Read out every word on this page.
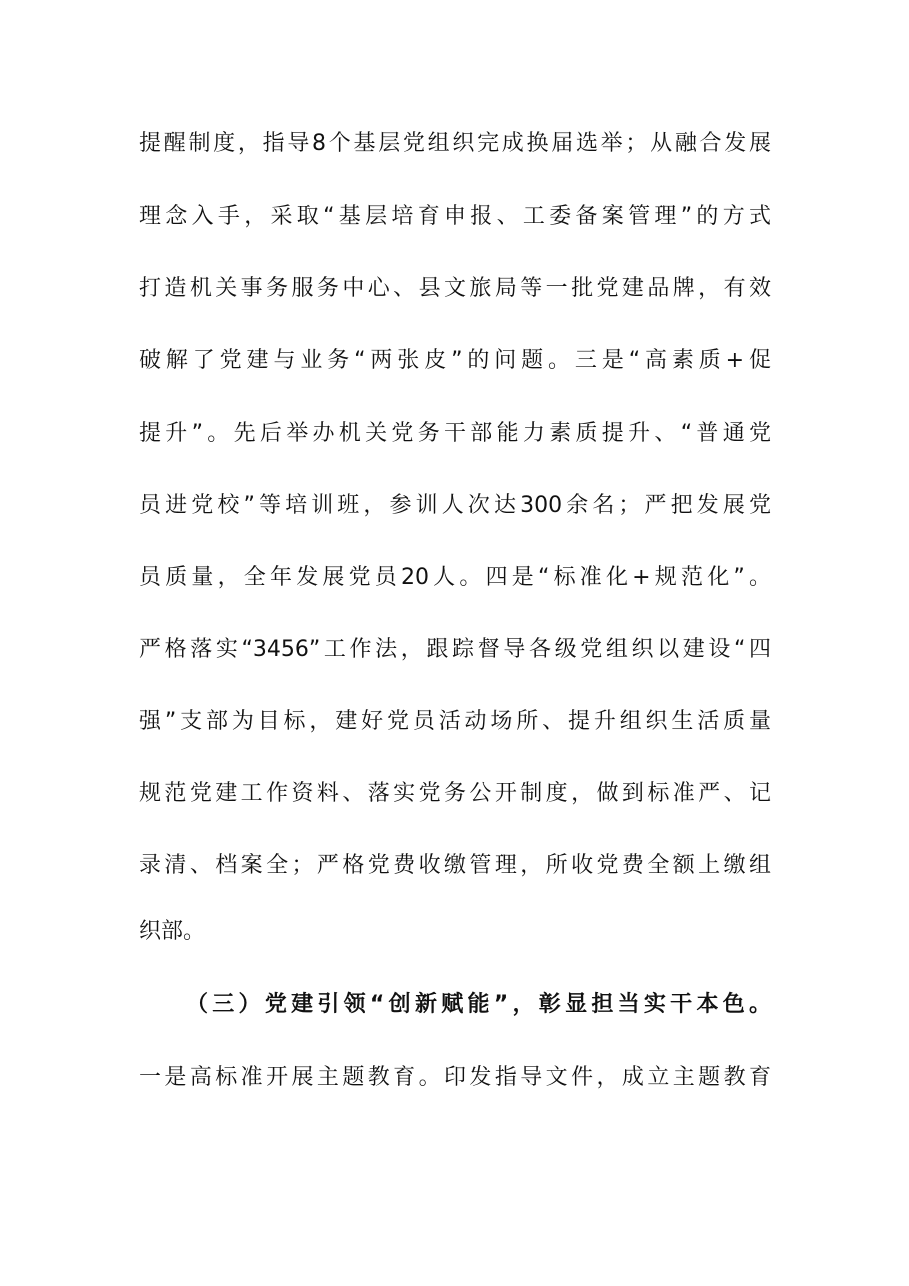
提醒制度，指导8个基层党组织完成换届选举；从融合发展
理念入手，采取“基层培育申报、工委备案管理”的方式
打造机关事务服务中心、县文旅局等一批党建品牌，有效
破解了党建与业务“两张皮”的问题。三是“高素质+促
提升”。先后举办机关党务干部能力素质提升、“普通党
员进党校”等培训班，参训人次达300余名；严把发展党
员质量，全年发展党员20人。四是“标准化+规范化”。
严格落实“3456”工作法，跟踪督导各级党组织以建设“四
强”支部为目标，建好党员活动场所、提升组织生活质量
规范党建工作资料、落实党务公开制度，做到标准严、记
录清、档案全；严格党费收缴管理，所收党费全额上缴组
织部。
（三）党建引领“创新赋能”，彰显担当实干本色。
一是高标准开展主题教育。印发指导文件，成立主题教育
